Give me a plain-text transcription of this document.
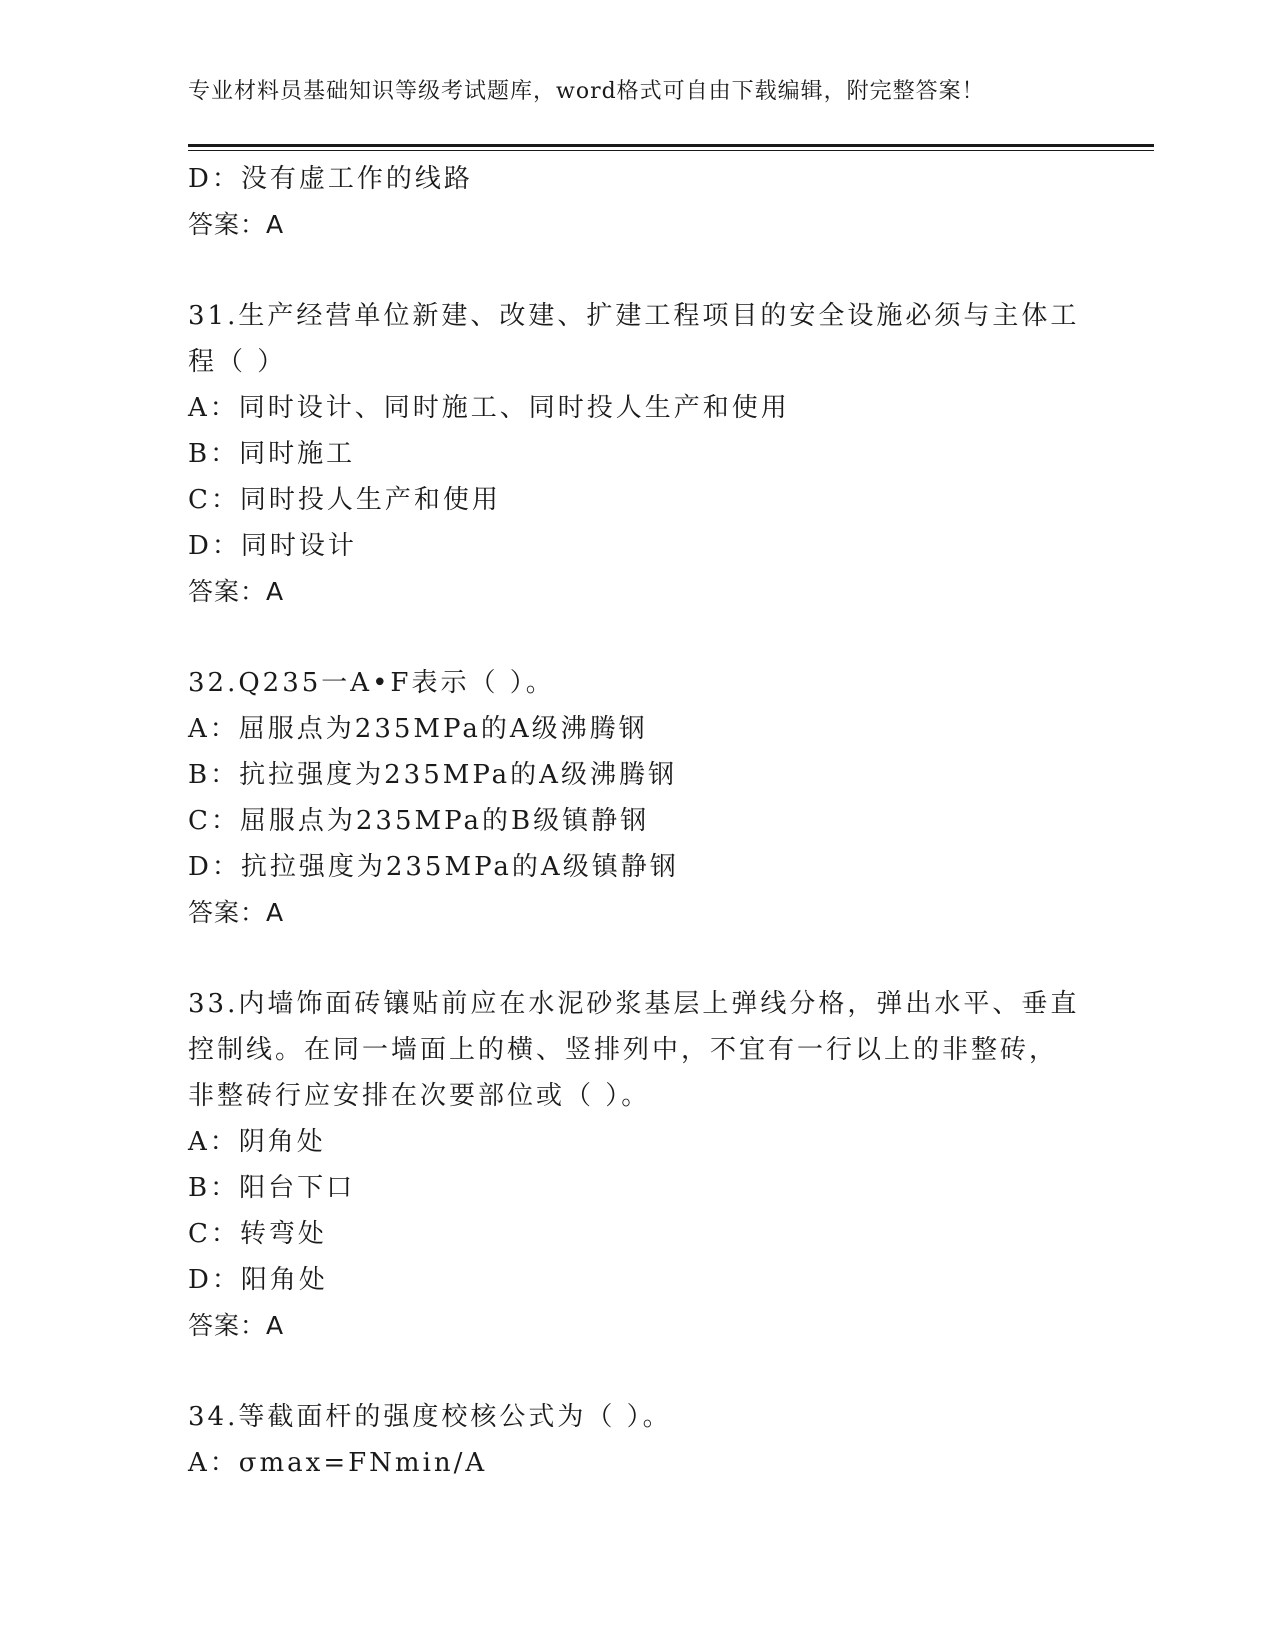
专业材料员基础知识等级考试题库，word格式可自由下载编辑，附完整答案！
D：没有虚工作的线路
答案：A
31.生产经营单位新建、改建、扩建工程项目的安全设施必须与主体工
程（ ）
A：同时设计、同时施工、同时投人生产和使用
B：同时施工
C：同时投人生产和使用
D：同时设计
答案：A
32.Q235一A•F表示（ ）。
A：屈服点为235MPa的A级沸腾钢
B：抗拉强度为235MPa的A级沸腾钢
C：屈服点为235MPa的B级镇静钢
D：抗拉强度为235MPa的A级镇静钢
答案：A
33.内墙饰面砖镶贴前应在水泥砂浆基层上弹线分格，弹出水平、垂直
控制线。在同一墙面上的横、竖排列中，不宜有一行以上的非整砖，
非整砖行应安排在次要部位或（ ）。
A：阴角处
B：阳台下口
C：转弯处
D：阳角处
答案：A
34.等截面杆的强度校核公式为（ ）。
A：σmax=FNmin/A
